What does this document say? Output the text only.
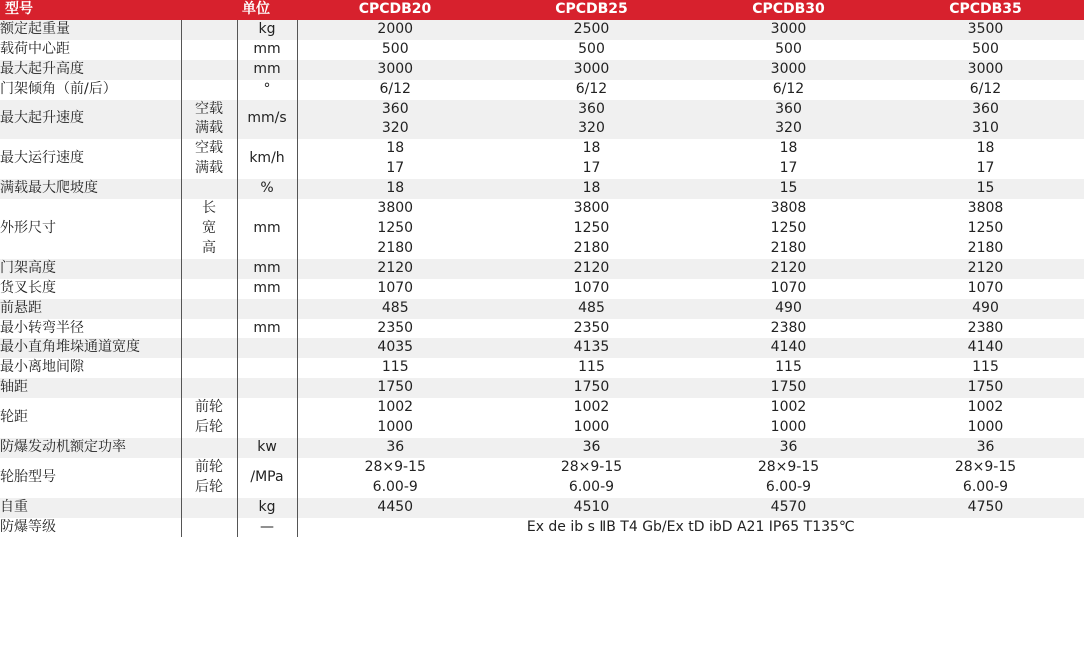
型号		单位	CPCDB20	CPCDB25	CPCDB30	CPCDB35
额定起重量		kg	2000	2500	3000	3500
载荷中心距		mm	500	500	500	500
最大起升高度		mm	3000	3000	3000	3000
门架倾角（前/后）		°	6/12	6/12	6/12	6/12
最大起升速度	空载	mm/s	360	360	360	360
	满载		320	320	320	310
最大运行速度	空载	km/h	18	18	18	18
	满载		17	17	17	17
满载最大爬坡度		%	18	18	15	15
外形尺寸	长	mm	3800	3800	3808	3808
	宽		1250	1250	1250	1250
	高		2180	2180	2180	2180
门架高度		mm	2120	2120	2120	2120
货叉长度		mm	1070	1070	1070	1070
前悬距			485	485	490	490
最小转弯半径		mm	2350	2350	2380	2380
最小直角堆垛通道宽度			4035	4135	4140	4140
最小离地间隙			115	115	115	115
轴距			1750	1750	1750	1750
轮距	前轮		1002	1002	1002	1002
	后轮		1000	1000	1000	1000
防爆发动机额定功率		kw	36	36	36	36
轮胎型号	前轮	/MPa	28×9-15	28×9-15	28×9-15	28×9-15
	后轮		6.00-9	6.00-9	6.00-9	6.00-9
自重		kg	4450	4510	4570	4750
防爆等级		—	Ex de ib s ⅡB T4 Gb/Ex tD ibD A21 IP65 T135℃			
